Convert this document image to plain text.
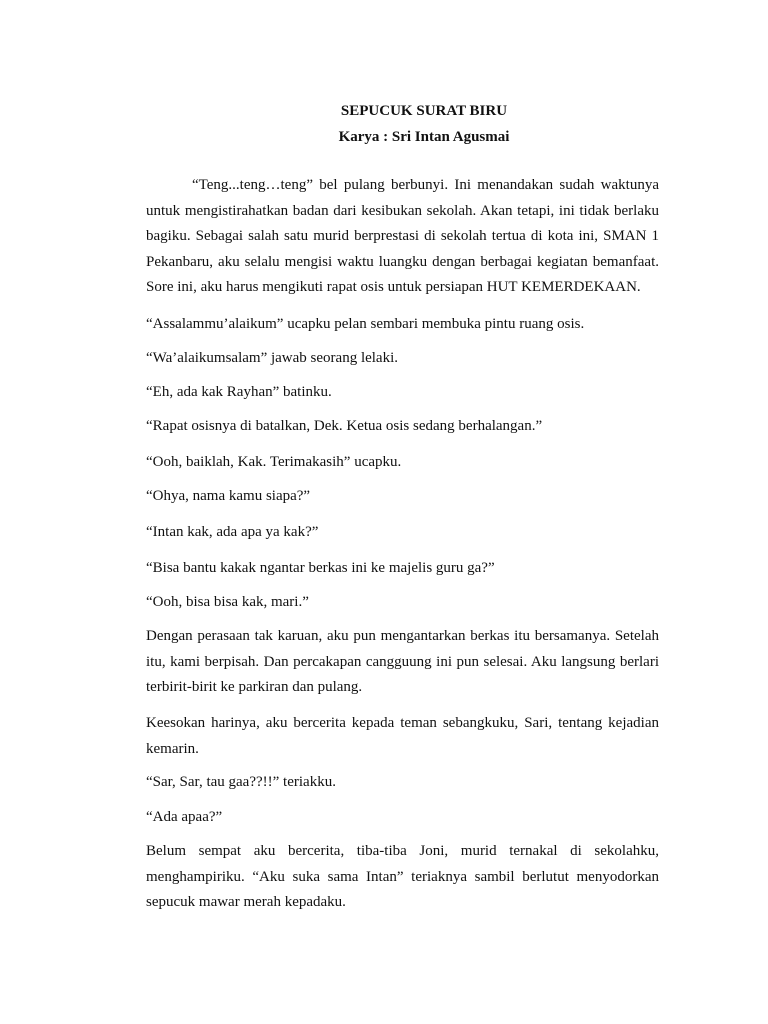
SEPUCUK SURAT BIRU
Karya : Sri Intan Agusmai

“Teng...teng…teng” bel pulang berbunyi. Ini menandakan sudah waktunya untuk mengistirahatkan badan dari kesibukan sekolah. Akan tetapi, ini tidak berlaku bagiku. Sebagai salah satu murid berprestasi di sekolah tertua di kota ini, SMAN 1 Pekanbaru, aku selalu mengisi waktu luangku dengan berbagai kegiatan bemanfaat. Sore ini, aku harus mengikuti rapat osis untuk persiapan HUT KEMERDEKAAN.

“Assalammu’alaikum” ucapku pelan sembari membuka pintu ruang osis.

“Wa’alaikumsalam” jawab seorang lelaki.

“Eh, ada kak Rayhan” batinku.

“Rapat osisnya di batalkan, Dek. Ketua osis sedang berhalangan.”

“Ooh, baiklah, Kak. Terimakasih” ucapku.

“Ohya, nama kamu siapa?”

“Intan kak, ada apa ya kak?”

“Bisa bantu kakak ngantar berkas ini ke majelis guru ga?”

“Ooh, bisa bisa kak, mari.”

Dengan perasaan tak karuan, aku pun mengantarkan berkas itu bersamanya. Setelah itu, kami berpisah. Dan percakapan cangguung ini pun selesai. Aku langsung berlari terbirit-birit ke parkiran dan pulang.

Keesokan harinya, aku bercerita kepada teman sebangkuku, Sari, tentang kejadian kemarin.

“Sar, Sar, tau gaa??!!” teriakku.

“Ada apaa?”

Belum sempat aku bercerita, tiba-tiba Joni, murid ternakal di sekolahku, menghampiriku. “Aku suka sama Intan” teriaknya sambil berlutut menyodorkan sepucuk mawar merah kepadaku.
